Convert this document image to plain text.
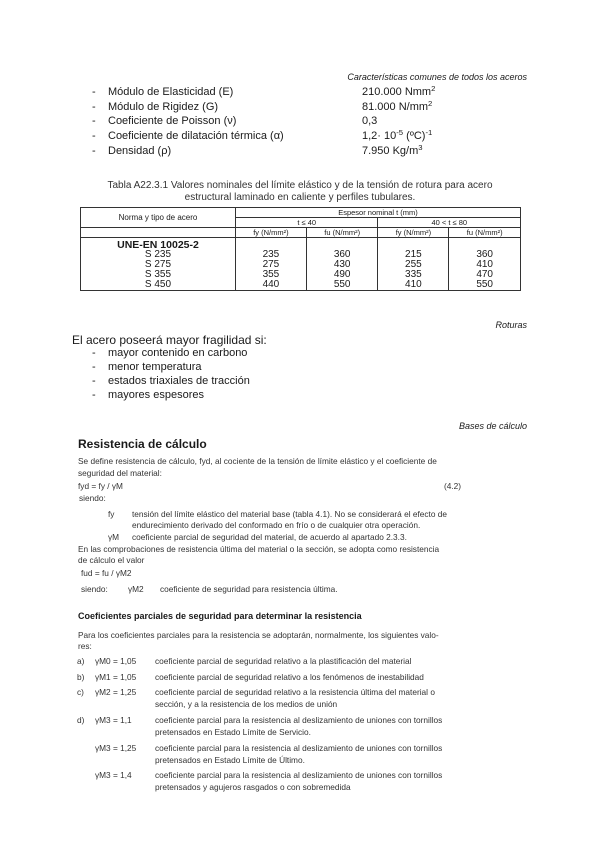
Características comunes de todos los aceros
- Módulo de Elasticidad (E)	210.000 Nmm$^2$
- Módulo de Rigidez (G)	81.000 $N/mm^2$
- Coeficiente de Poisson (ν)	0,3
- Coeficiente de dilatación térmica (α)	$1,2\cdot 10^{-5}$ (ºC)$^{-1}$
- Densidad (ρ)	7.950 $Kg/m^3$
Tabla A22.3.1 Valores nominales del límite elástico y de la tensión de rotura para acero
estructural laminado en caliente y perfiles tubulares.
Norma y tipo de acero	Espesor nominal t (mm)			
	t ≤ 40		40 < t ≤ 80	
	fy (N/mm²)	fu (N/mm²)	fy (N/mm²)	fu (N/mm²)
UNE-EN 10025-2				
S 235	235	360	215	360
S 275	275	430	255	410
S 355	355	490	335	470
S 450	440	550	410	550
Roturas
El acero poseerá mayor fragilidad si:
- mayor contenido en carbono
- menor temperatura
- estados triaxiales de tracción
- mayores espesores
Bases de cálculo
Resistencia de cálculo
Se define resistencia de cálculo, fyd, al cociente de la tensión de límite elástico y el coeficiente de
seguridad del material:
fyd = fy / γM	(4.2)
siendo:
fy tensión del límite elástico del material base (tabla 4.1). No se considerará el efecto de
endurecimiento derivado del conformado en frío o de cualquier otra operación.
γM coeficiente parcial de seguridad del material, de acuerdo al apartado 2.3.3.
En las comprobaciones de resistencia última del material o la sección, se adopta como resistencia
de cálculo el valor
fud = fu / γM2
siendo: γM2 coeficiente de seguridad para resistencia última.
Coeficientes parciales de seguridad para determinar la resistencia
Para los coeficientes parciales para la resistencia se adoptarán, normalmente, los siguientes valo-
res:
a) γM0 = 1,05 coeficiente parcial de seguridad relativo a la plastificación del material
b) γM1 = 1,05 coeficiente parcial de seguridad relativo a los fenómenos de inestabilidad
c) γM2 = 1,25 coeficiente parcial de seguridad relativo a la resistencia última del material o
sección, y a la resistencia de los medios de unión
d) γM3 = 1,1	coeficiente parcial para la resistencia al deslizamiento de uniones con tornillos
pretensados en Estado Límite de Servicio.
γM3 = 1,25 coeficiente parcial para la resistencia al deslizamiento de uniones con tornillos
pretensados en Estado Límite de Último.
γM3 = 1,4	coeficiente parcial para la resistencia al deslizamiento de uniones con tornillos
pretensados y agujeros rasgados o con sobremedida
